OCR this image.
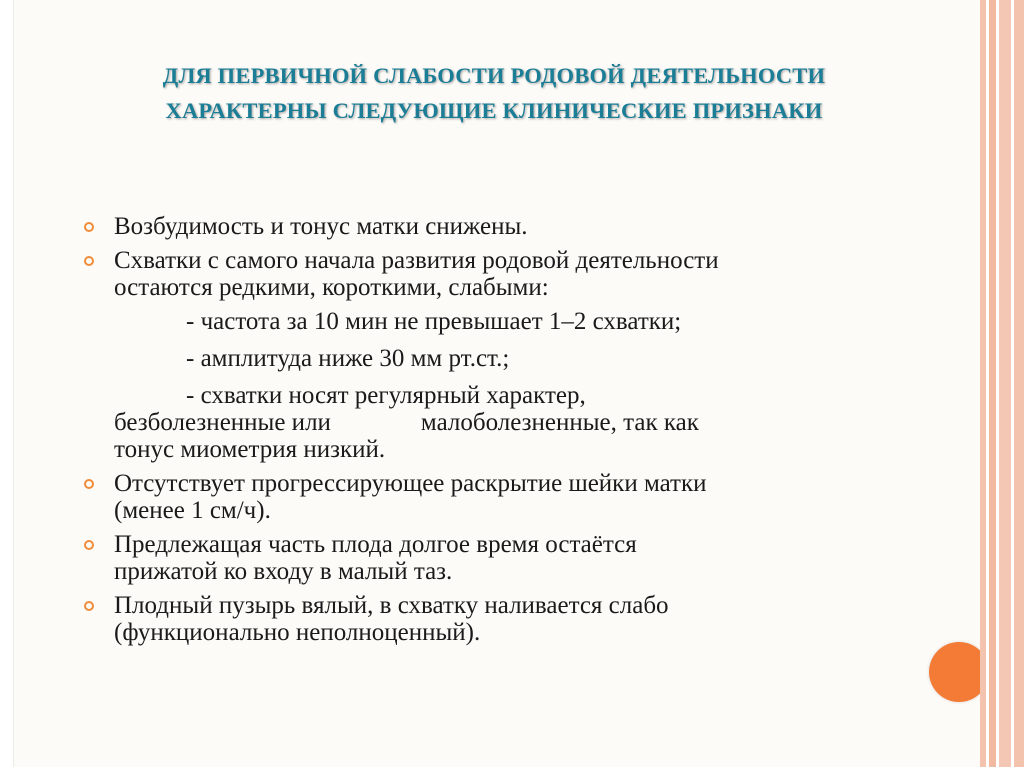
ДЛЯ ПЕРВИЧНОЙ СЛАБОСТИ РОДОВОЙ ДЕЯТЕЛЬНОСТИ
ХАРАКТЕРНЫ СЛЕДУЮЩИЕ КЛИНИЧЕСКИЕ ПРИЗНАКИ
Возбудимость и тонус матки снижены.
Схватки с самого начала развития родовой деятельности
остаются редкими, короткими, слабыми:
- частота за 10 мин не превышает 1–2 схватки;
- амплитуда ниже 30 мм рт.ст.;
- схватки носят регулярный характер,
безболезненные или	малоболезненные, так как
тонус миометрия низкий.
Отсутствует прогрессирующее раскрытие шейки матки
(менее 1 см/ч).
Предлежащая часть плода долгое время остаётся
прижатой ко входу в малый таз.
Плодный пузырь вялый, в схватку наливается слабо
(функционально неполноценный).
